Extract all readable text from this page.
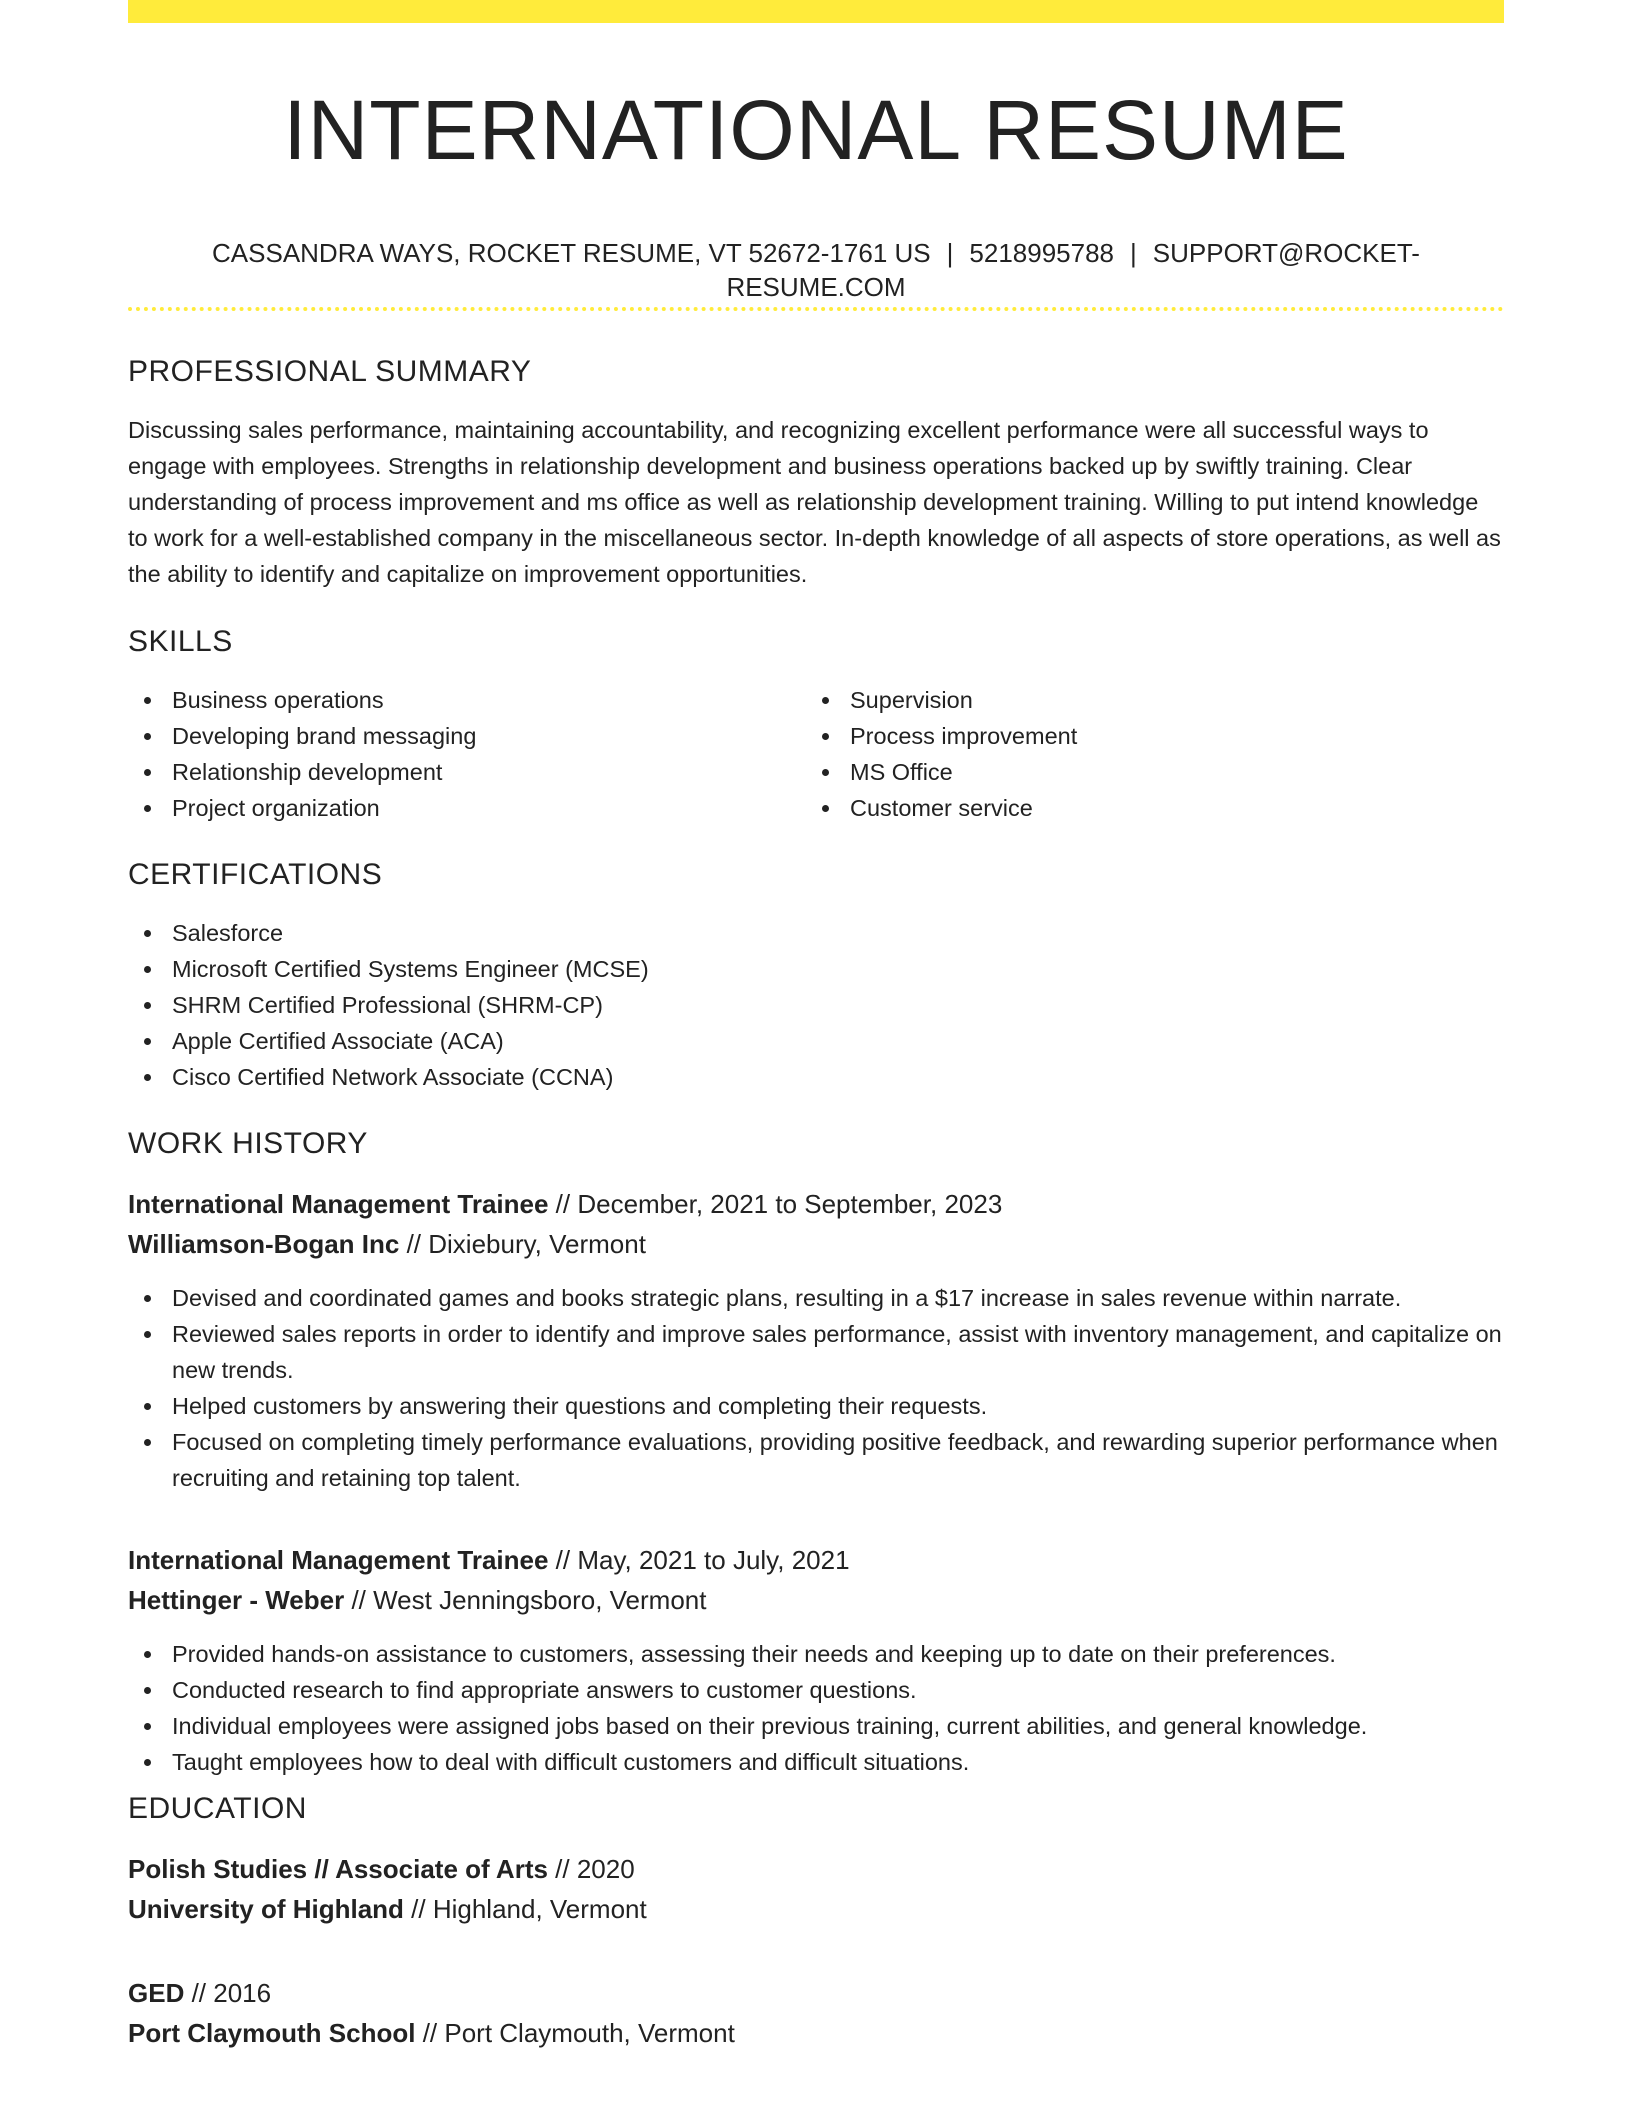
INTERNATIONAL RESUME
CASSANDRA WAYS, ROCKET RESUME, VT 52672-1761 US | 5218995788 | SUPPORT@ROCKET-RESUME.COM
PROFESSIONAL SUMMARY

Discussing sales performance, maintaining accountability, and recognizing excellent performance were all successful ways to engage with employees. Strengths in relationship development and business operations backed up by swiftly training. Clear understanding of process improvement and ms office as well as relationship development training. Willing to put intend knowledge to work for a well-established company in the miscellaneous sector. In-depth knowledge of all aspects of store operations, as well as the ability to identify and capitalize on improvement opportunities.

SKILLS
Business operations
Developing brand messaging
Relationship development
Project organization
Supervision
Process improvement
MS Office
Customer service
CERTIFICATIONS
Salesforce
Microsoft Certified Systems Engineer (MCSE)
SHRM Certified Professional (SHRM-CP)
Apple Certified Associate (ACA)
Cisco Certified Network Associate (CCNA)
WORK HISTORY
International Management Trainee // December, 2021 to September, 2023
Williamson-Bogan Inc // Dixiebury, Vermont
Devised and coordinated games and books strategic plans, resulting in a $17 increase in sales revenue within narrate.
Reviewed sales reports in order to identify and improve sales performance, assist with inventory management, and capitalize on new trends.
Helped customers by answering their questions and completing their requests.
Focused on completing timely performance evaluations, providing positive feedback, and rewarding superior performance when recruiting and retaining top talent.
International Management Trainee // May, 2021 to July, 2021
Hettinger - Weber // West Jenningsboro, Vermont
Provided hands-on assistance to customers, assessing their needs and keeping up to date on their preferences.
Conducted research to find appropriate answers to customer questions.
Individual employees were assigned jobs based on their previous training, current abilities, and general knowledge.
Taught employees how to deal with difficult customers and difficult situations.
EDUCATION
Polish Studies // Associate of Arts // 2020
University of Highland // Highland, Vermont
GED // 2016
Port Claymouth School // Port Claymouth, Vermont
